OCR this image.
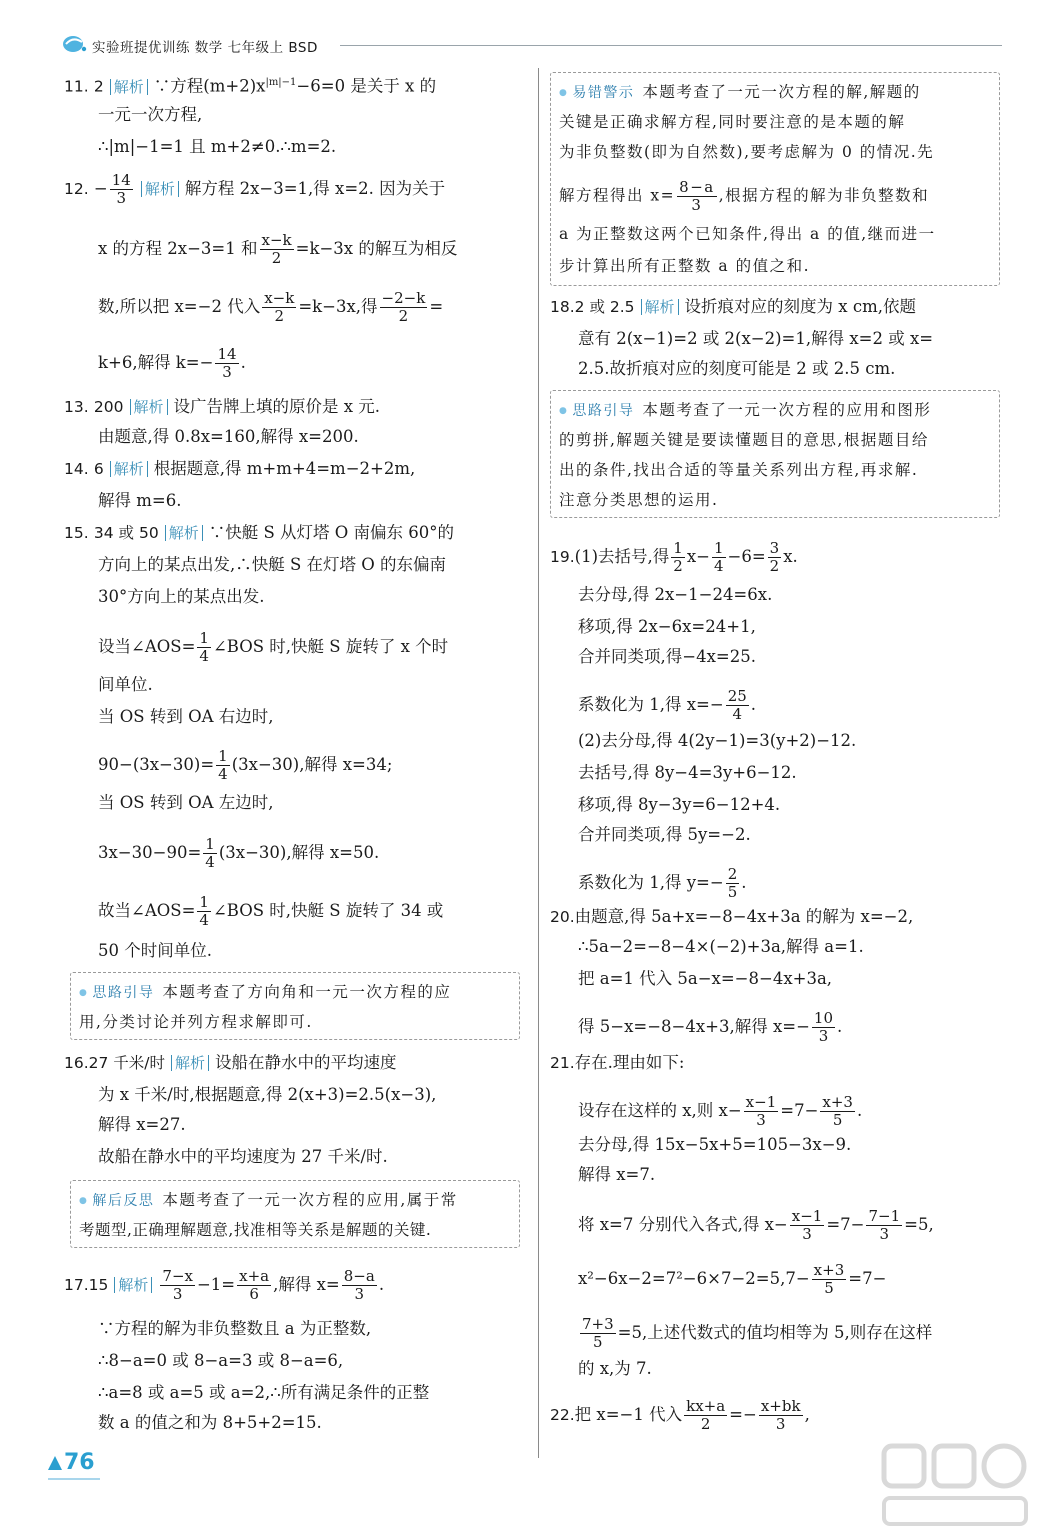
实验班提优训练 数学 七年级上 BSD
11. 2 解析 ∵方程$(m+2)x^{|m|-1}-6=0$ 是关于 x 的
一元一次方程,
∴|m|−1=1 且 m+2≠0.∴m=2.
12. − $\frac{14}{3}$ 解析 解方程 2x−3=1,得 x=2. 因为关于
x 的方程 2x−3=1 和 $\frac{x-k}{2} =k-3x$ 的解互为相反
数,所以把 x=−2 代入 $\frac{x-k}{2} =k-3x$,得 $\frac{-2-k}{2}$ =
k+6,解得 $k=- \frac{14}{3}$ .
13. 200 解析 设广告牌上填的原价是 x 元.
由题意,得 0.8x=160,解得 x=200.
14. 6 解析 根据题意,得 m+m+4=m−2+2m,
解得 m=6.
15. 34 或 50 解析 ∵快艇 S 从灯塔 O 南偏东 60°的
方向上的某点出发,∴快艇 S 在灯塔 O 的东偏南
30°方向上的某点出发.
设当∠AOS= $\frac{1}{4}$ ∠BOS 时,快艇 S 旋转了 x 个时
间单位.
当 OS 转到 OA 右边时,
$90-(3x-30)= \frac{1}{4} (3x-30)$,解得 x=34;
当 OS 转到 OA 左边时,
$3x-30-90= \frac{1}{4} (3x-30)$,解得 x=50.
故当∠AOS= $\frac{1}{4}$ ∠BOS 时,快艇 S 旋转了 34 或
50 个时间单位.
● 思路引导 本题考查了方向角和一元一次方程的应
用,分类讨论并列方程求解即可.
16.27 千米/时 解析 设船在静水中的平均速度
为 x 千米/时,根据题意,得 2(x+3)=2.5(x−3),
解得 x=27.
故船在静水中的平均速度为 27 千米/时.
● 解后反思 本题考查了一元一次方程的应用,属于常
考题型,正确理解题意,找准相等关系是解题的关键.
17.15 解析 $\frac{7-x}{3} -1= \frac{x+a}{6}$ ,解得 $x= \frac{8-a}{3}$ .
∵方程的解为非负整数且 a 为正整数,
∴8−a=0 或 8−a=3 或 8−a=6,
∴a=8 或 a=5 或 a=2,∴所有满足条件的正整
数 a 的值之和为 8+5+2=15.
● 易错警示 本题考查了一元一次方程的解,解题的
关键是正确求解方程,同时要注意的是本题的解
为非负整数(即为自然数),要考虑解为 0 的情况.先
解方程得出 $x= \frac{8-a}{3}$ ,根据方程的解为非负整数和
a 为正整数这两个已知条件,得出 a 的值,继而进一
步计算出所有正整数 a 的值之和.
18.2 或 2.5 解析 设折痕对应的刻度为 x cm,依题
意有 2(x−1)=2 或 2(x−2)=1,解得 x=2 或 x=
2.5.故折痕对应的刻度可能是 2 或 2.5 cm.
● 思路引导 本题考查了一元一次方程的应用和图形
的剪拼,解题关键是要读懂题目的意思,根据题目给
出的条件,找出合适的等量关系列出方程,再求解.
注意分类思想的运用.
19.(1)去括号,得 $\frac{1}{2} x- \frac{1}{4} -6= \frac{3}{2} x$.
去分母,得 2x−1−24=6x.
移项,得 2x−6x=24+1,
合并同类项,得−4x=25.
系数化为 1,得 $x=- \frac{25}{4}$ .
(2)去分母,得 4(2y−1)=3(y+2)−12.
去括号,得 8y−4=3y+6−12.
移项,得 8y−3y=6−12+4.
合并同类项,得 5y=−2.
系数化为 1,得 $y=- \frac{2}{5}$ .
20.由题意,得 5a+x=−8−4x+3a 的解为 x=−2,
∴5a−2=−8−4×(−2)+3a,解得 a=1.
把 a=1 代入 5a−x=−8−4x+3a,
得 5−x=−8−4x+3,解得 $x=- \frac{10}{3}$ .
21.存在.理由如下:
设存在这样的 x,则 $x- \frac{x-1}{3} =7- \frac{x+3}{5}$ .
去分母,得 15x−5x+5=105−3x−9.
解得 x=7.
将 x=7 分别代入各式,得 $x- \frac{x-1}{3} =7- \frac{7-1}{3} =5$,
$x^2-6x-2=7^2-6\times 7-2=5,7- \frac{x+3}{5} =7-$
$\frac{7+3}{5} =5$,上述代数式的值均相等为 5,则存在这样
的 x,为 7.
22.把 x=−1 代入 $\frac{kx+a}{2} =- \frac{x+bk}{3}$ ,
76
